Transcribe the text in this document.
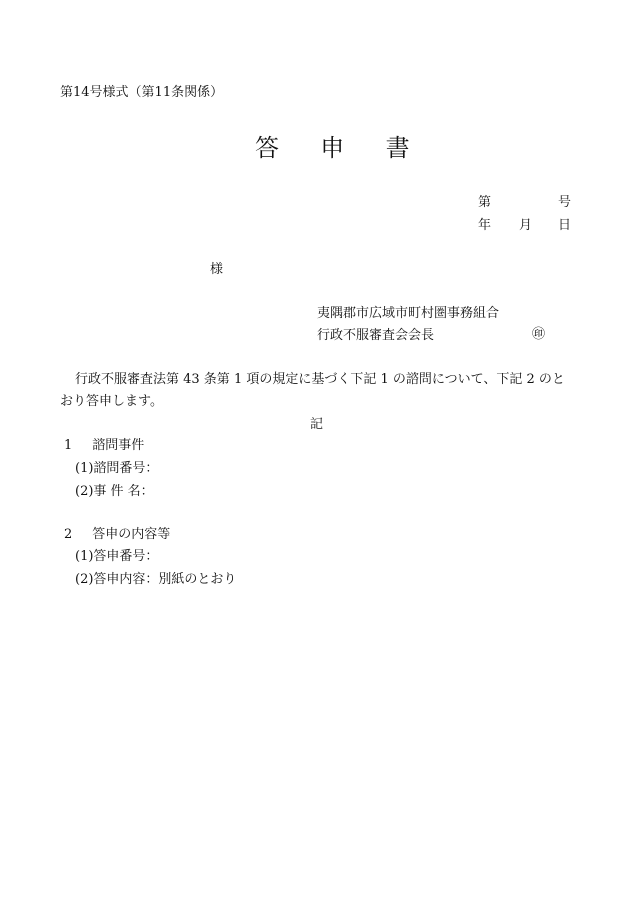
第14号様式（第11条関係）
答 申 書
第	号
年 月 日
様
夷隅郡市広域市町村圏事務組合
行政不服審査会会長	㊞
行政不服審査法第 43 条第 1 項の規定に基づく下記 1 の諮問について、下記 2 のとおり答申します。
記
1 諮問事件
(1)諮問番号：
(2)事 件 名：
2 答申の内容等
(1)答申番号：
(2)答申内容：別紙のとおり
